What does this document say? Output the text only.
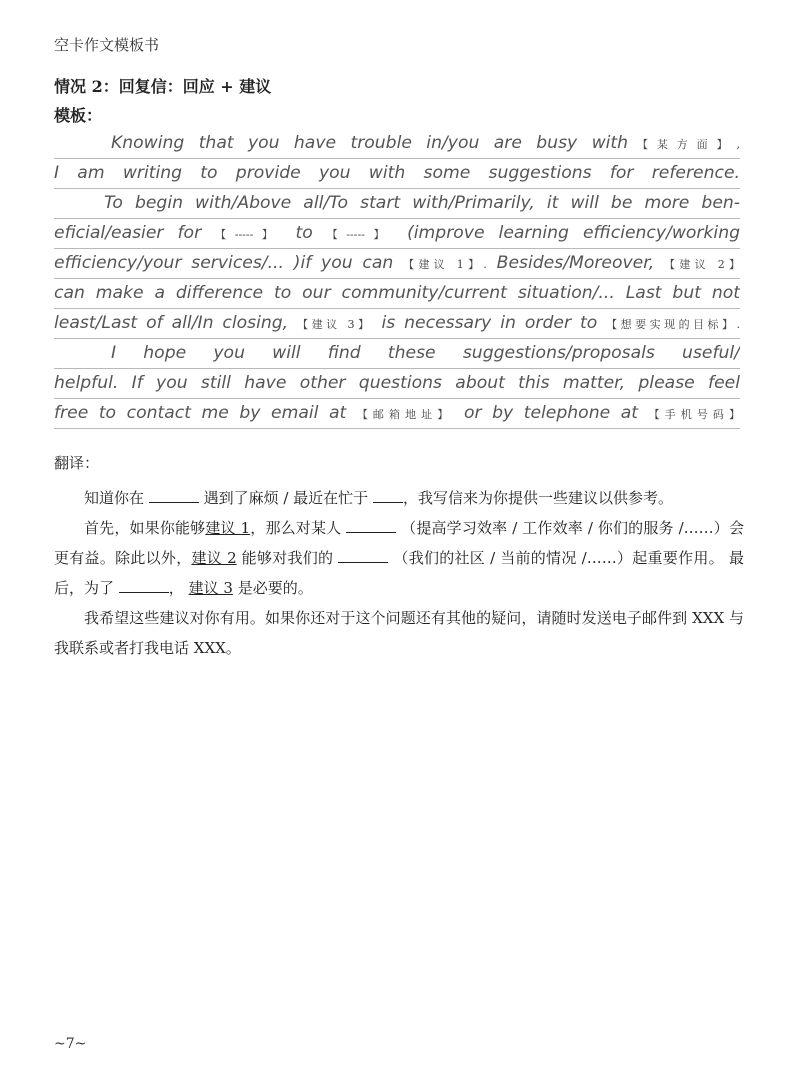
空卡作文模板书
情况 2：回复信：回应 + 建议
模板：
Knowing that you have trouble in/you are busy with【某方面】,
I am writing to provide you with some suggestions for reference.
To begin with/Above all/To start with/Primarily, it will be more ben-
eficial/easier for 【-----】 to 【-----】 (improve learning efficiency/working
efficiency/your services/... )if you can 【建议 1】. Besides/Moreover, 【建议 2】
can make a difference to our community/current situation/... Last but not
least/Last of all/In closing, 【建议 3】 is necessary in order to 【想要实现的目标】.
I hope you will find these suggestions/proposals useful/
helpful. If you still have other questions about this matter, please feel
free to contact me by email at 【邮箱地址】 or by telephone at 【手机号码】
翻译：
知道你在	遇到了麻烦 / 最近在忙于 ，我写信来为你提供一些建议以供参考。
首先，如果你能够建议 1，那么对某人	（提高学习效率 / 工作效率 / 你们的服务 /……）会更有益。除此以外，建议 2 能够对我们的	（我们的社区 / 当前的情况 /……）起重要作用。 最后，为了	， 建议 3 是必要的。
我希望这些建议对你有用。如果你还对于这个问题还有其他的疑问，请随时发送电子邮件到 XXX 与我联系或者打我电话 XXX。
~7~
